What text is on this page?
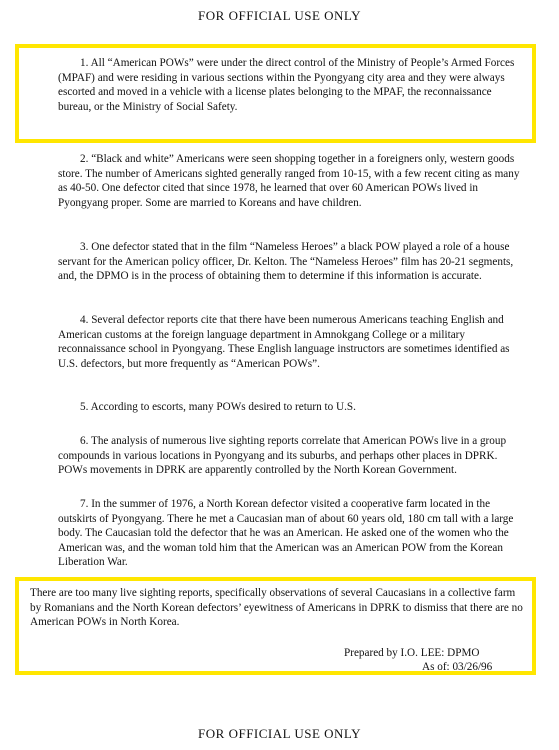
FOR OFFICIAL USE ONLY
1. All “American POWs” were under the direct control of the Ministry of People’s Armed Forces (MPAF) and were residing in various sections within the Pyongyang city area and they were always escorted and moved in a vehicle with a license plates belonging to the MPAF, the reconnaissance bureau, or the Ministry of Social Safety.
2. “Black and white” Americans were seen shopping together in a foreigners only, western goods store. The number of Americans sighted generally ranged from 10-15, with a few recent citing as many as 40-50. One defector cited that since 1978, he learned that over 60 American POWs lived in Pyongyang proper. Some are married to Koreans and have children.
3. One defector stated that in the film “Nameless Heroes” a black POW played a role of a house servant for the American policy officer, Dr. Kelton. The “Nameless Heroes” film has 20-21 segments, and, the DPMO is in the process of obtaining them to determine if this information is accurate.
4. Several defector reports cite that there have been numerous Americans teaching English and American customs at the foreign language department in Amnokgang College or a military reconnaissance school in Pyongyang. These English language instructors are sometimes identified as U.S. defectors, but more frequently as “American POWs”.
5. According to escorts, many POWs desired to return to U.S.
6. The analysis of numerous live sighting reports correlate that American POWs live in a group compounds in various locations in Pyongyang and its suburbs, and perhaps other places in DPRK. POWs movements in DPRK are apparently controlled by the North Korean Government.
7. In the summer of 1976, a North Korean defector visited a cooperative farm located in the outskirts of Pyongyang. There he met a Caucasian man of about 60 years old, 180 cm tall with a large body. The Caucasian told the defector that he was an American. He asked one of the women who the American was, and the woman told him that the American was an American POW from the Korean Liberation War.
There are too many live sighting reports, specifically observations of several Caucasians in a collective farm by Romanians and the North Korean defectors’ eyewitness of Americans in DPRK to dismiss that there are no American POWs in North Korea.
Prepared by I.O. LEE: DPMO
As of: 03/26/96
FOR OFFICIAL USE ONLY
